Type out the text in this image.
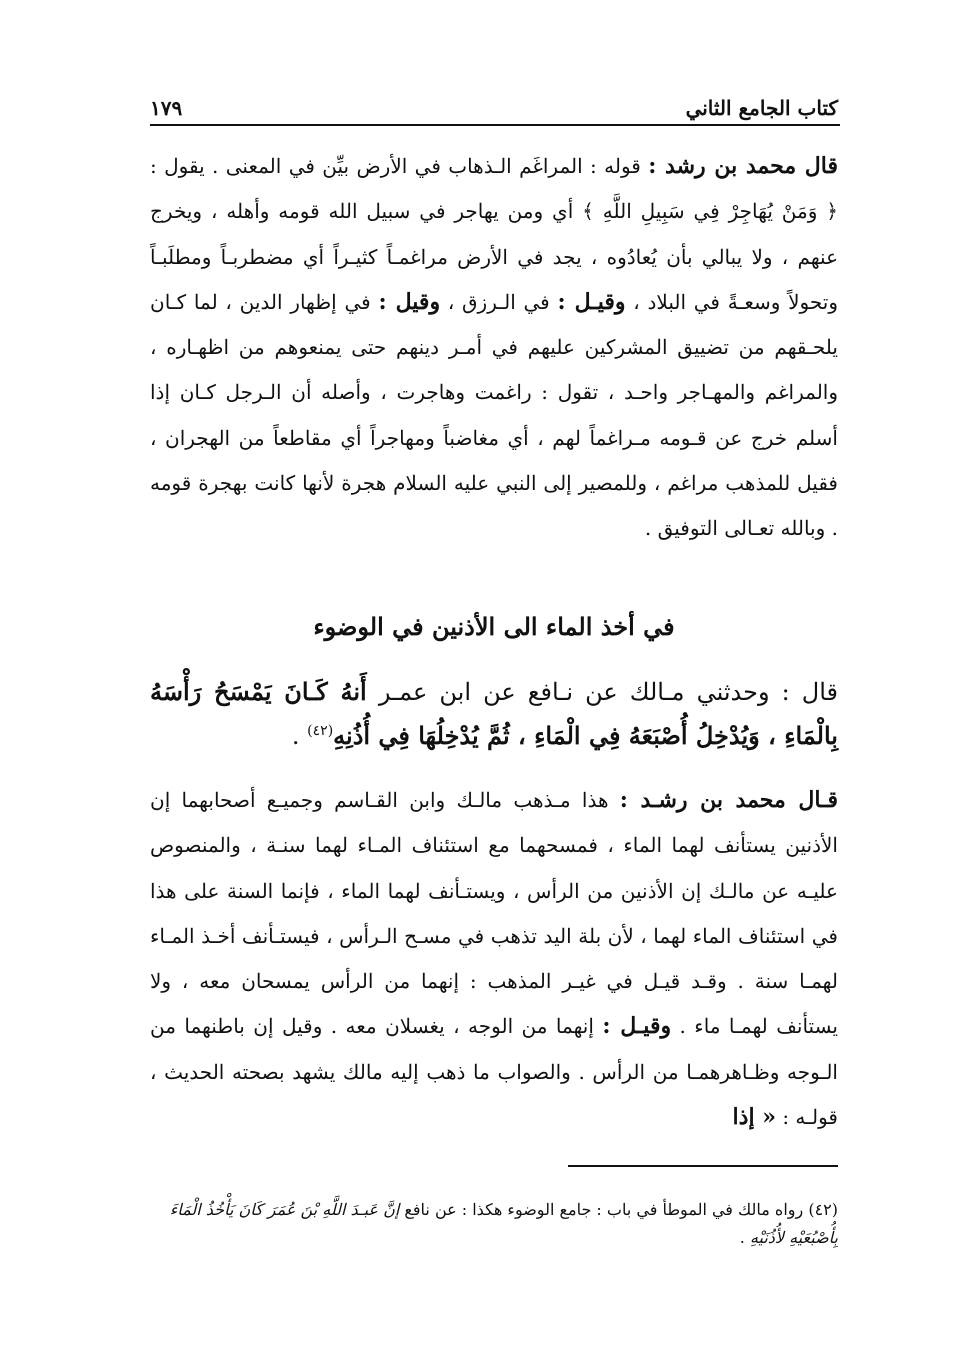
كتاب الجامع الثاني
١٧٩
قال محمد بن رشد : قوله : المراغَم الـذهاب في الأرض بيِّن في المعنى . يقول : ﴿ وَمَنْ يُهَاجِرْ فِي سَبِيلِ اللَّهِ ﴾ أي ومن يهاجر في سبيل الله قومه وأهله ، ويخرج عنهم ، ولا يبالي بأن يُعادُوه ، يجد في الأرض مراغمـاً كثيـراً أي مضطربـاً ومطلَبـاً وتحولاً وسعـةً في البلاد ، وقيـل : في الـرزق ، وقيل : في إظهار الدين ، لما كـان يلحـقهم من تضييق المشركين عليهم في أمـر دينهم حتى يمنعوهم من اظهـاره ، والمراغم والمهـاجر واحـد ، تقول : راغمت وهاجرت ، وأصله أن الـرجل كـان إذا أسلم خرج عن قـومه مـراغماً لهم ، أي مغاضباً ومهاجراً أي مقاطعاً من الهجران ، فقيل للمذهب مراغم ، وللمصير إلى النبي عليه السلام هجرة لأنها كانت بهجرة قومه . وبالله تعـالى التوفيق .
في أخذ الماء الى الأذنين في الوضوء
قال : وحدثني مـالك عن نـافع عن ابن عمـر أَنهُ كَـانَ يَمْسَحُ رَأْسَهُ بِالْمَاءِ ، وَيُدْخِلُ أُصْبَعَهُ فِي الْمَاءِ ، ثُمَّ يُدْخِلُهَا فِي أُذُنِهِ$^{(٤٢)}$ .
قـال محمد بن رشـد : هذا مـذهب مالـك وابن القـاسم وجميـع أصحابهما إن الأذنين يستأنف لهما الماء ، فمسحهما مع استئناف المـاء لهما سنـة ، والمنصوص عليـه عن مالـك إن الأذنين من الرأس ، ويستـأنف لهما الماء ، فإنما السنة على هذا في استئناف الماء لهما ، لأن بلة اليد تذهب في مسـح الـرأس ، فيستـأنف أخـذ المـاء لهمـا سنة . وقـد قيـل في غيـر المذهب : إنهما من الرأس يمسحان معه ، ولا يستأنف لهمـا ماء . وقيـل : إنهما من الوجه ، يغسلان معه . وقيل إن باطنهما من الـوجه وظـاهرهمـا من الرأس . والصواب ما ذهب إليه مالك يشهد بصحته الحديث ، قولـه : « إذا
(٤٢) رواه مالك في الموطأ في باب : جامع الوضوء هكذا : عن نافع إنَّ عَبـدَ اللَّهِ بْنَ عُمَرَ كَانَ يَأْخُذُ الْمَاءَ بِأُصْبُعَيْهِ لأُذُنَيْهِ .
